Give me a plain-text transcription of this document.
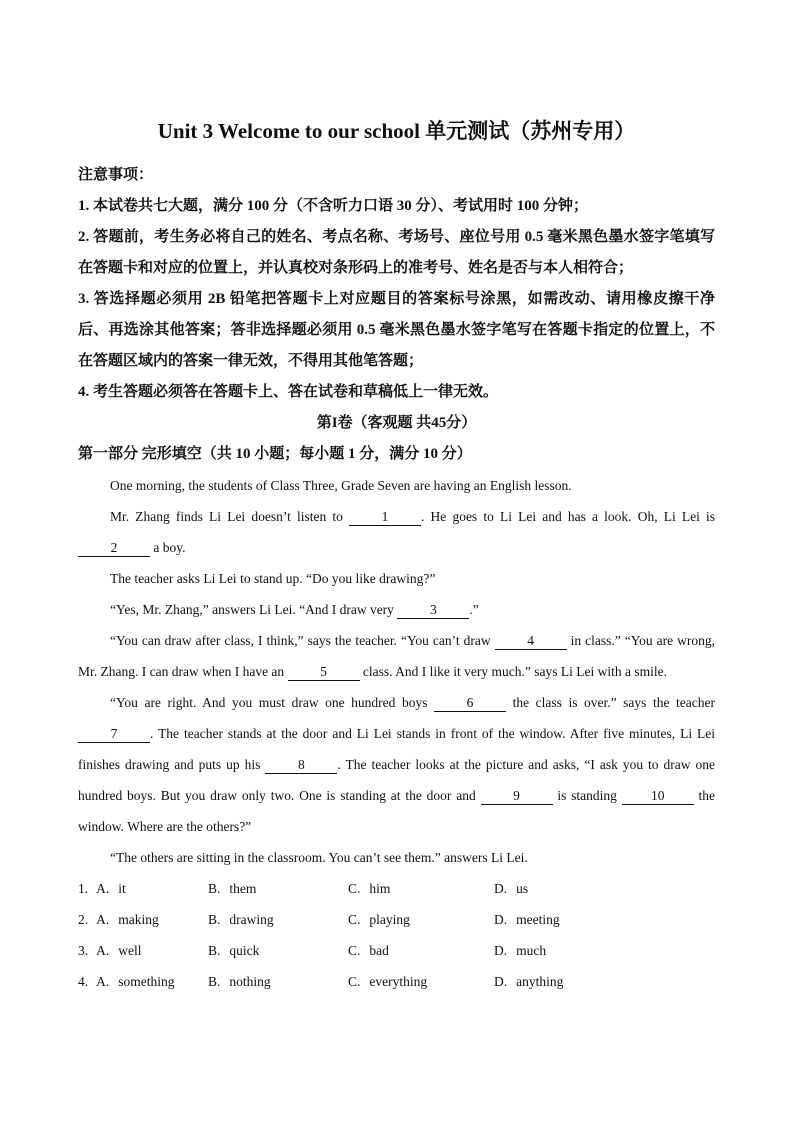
Unit 3 Welcome to our school 单元测试（苏州专用）
注意事项：
1. 本试卷共七大题，满分 100 分（不含听力口语 30 分）、考试用时 100 分钟；
2. 答题前，考生务必将自己的姓名、考点名称、考场号、座位号用 0.5 毫米黑色墨水签字笔填写在答题卡和对应的位置上，并认真校对条形码上的准考号、姓名是否与本人相符合；
3. 答选择题必须用 2B 铅笔把答题卡上对应题目的答案标号涂黑，如需改动、请用橡皮擦干净后、再选涂其他答案；答非选择题必须用 0.5 毫米黑色墨水签字笔写在答题卡指定的位置上，不在答题区域内的答案一律无效，不得用其他笔答题；
4. 考生答题必须答在答题卡上、答在试卷和草稿低上一律无效。
第I卷（客观题 共45分）
第一部分 完形填空（共 10 小题；每小题 1 分，满分 10 分）

One morning, the students of Class Three, Grade Seven are having an English lesson.

Mr. Zhang finds Li Lei doesn’t listen to 1 . He goes to Li Lei and has a look. Oh, Li Lei is 2 a boy.

The teacher asks Li Lei to stand up. “Do you like drawing?”

“Yes, Mr. Zhang,” answers Li Lei. “And I draw very 3 .”

“You can draw after class, I think,” says the teacher. “You can’t draw 4 in class.” “You are wrong, Mr. Zhang. I can draw when I have an 5 class. And I like it very much.” says Li Lei with a smile.

“You are right. And you must draw one hundred boys 6 the class is over.” says the teacher 7 . The teacher stands at the door and Li Lei stands in front of the window. After five minutes, Li Lei finishes drawing and puts up his 8 . The teacher looks at the picture and asks, “I ask you to draw one hundred boys. But you draw only two. One is standing at the door and 9 is standing 10 the window. Where are the others?”

“The others are sitting in the classroom. You can’t see them.” answers Li Lei.

1. A. it	B. them	C. him	D. us
2. A. making	B. drawing	C. playing	D. meeting
3. A. well	B. quick	C. bad	D. much
4. A. something	B. nothing	C. everything	D. anything
